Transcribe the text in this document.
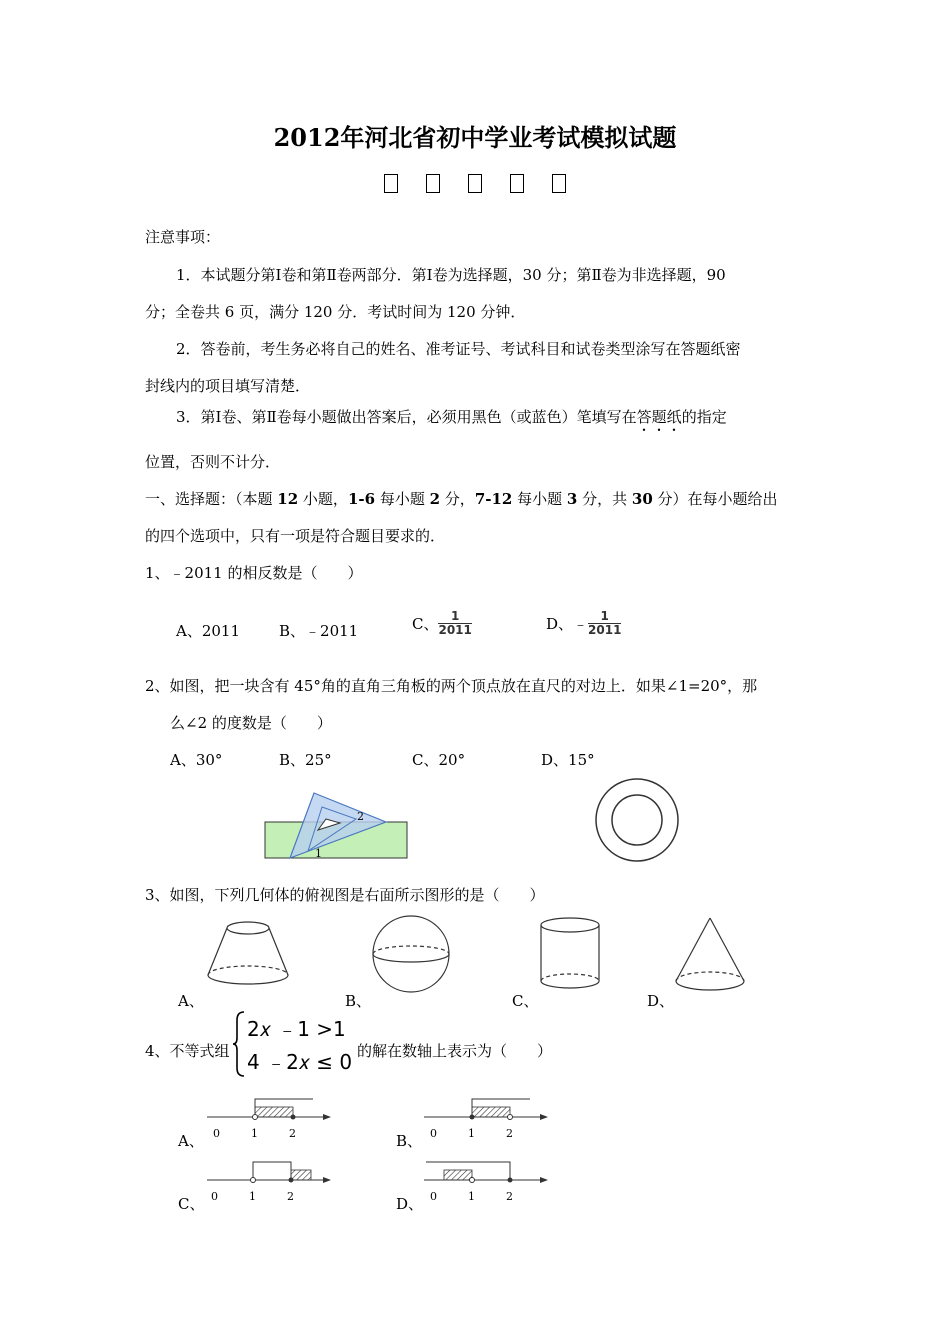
2012年河北省初中学业考试模拟试题
注意事项：
1．本试题分第Ⅰ卷和第Ⅱ卷两部分．第Ⅰ卷为选择题，30 分；第Ⅱ卷为非选择题，90
分；全卷共 6 页，满分 120 分．考试时间为 120 分钟．
2．答卷前，考生务必将自己的姓名、准考证号、考试科目和试卷类型涂写在答题纸密
封线内的项目填写清楚．
3．第Ⅰ卷、第Ⅱ卷每小题做出答案后，必须用黑色（或蓝色）笔填写在答题纸的指定
位置，否则不计分．
一、选择题：（本题 12 小题，1-6 每小题 2 分，7-12 每小题 3 分，共 30 分）在每小题给出
的四个选项中，只有一项是符合题目要求的．
1、﹣2011 的相反数是（　　）
A、2011	B、﹣2011	C、 $\frac{1}{2011}$	D、﹣ $\frac{1}{2011}$
2、如图，把一块含有 45°角的直角三角板的两个顶点放在直尺的对边上．如果∠1=20°，那
么∠2 的度数是（　　）
A、30°	B、25°	C、20°	D、15°
2
1
3、如图，下列几何体的俯视图是右面所示图形的是（　　）
A、	B、	C、	D、
4、不等式组
2𝑥 ﹣1 >1
4 ﹣2𝑥 ≤ 0 的解在数轴上表示为（　　）
0	1	2
A、	0	1	2
B、
0	1	2
C、	0	1	2
D、
